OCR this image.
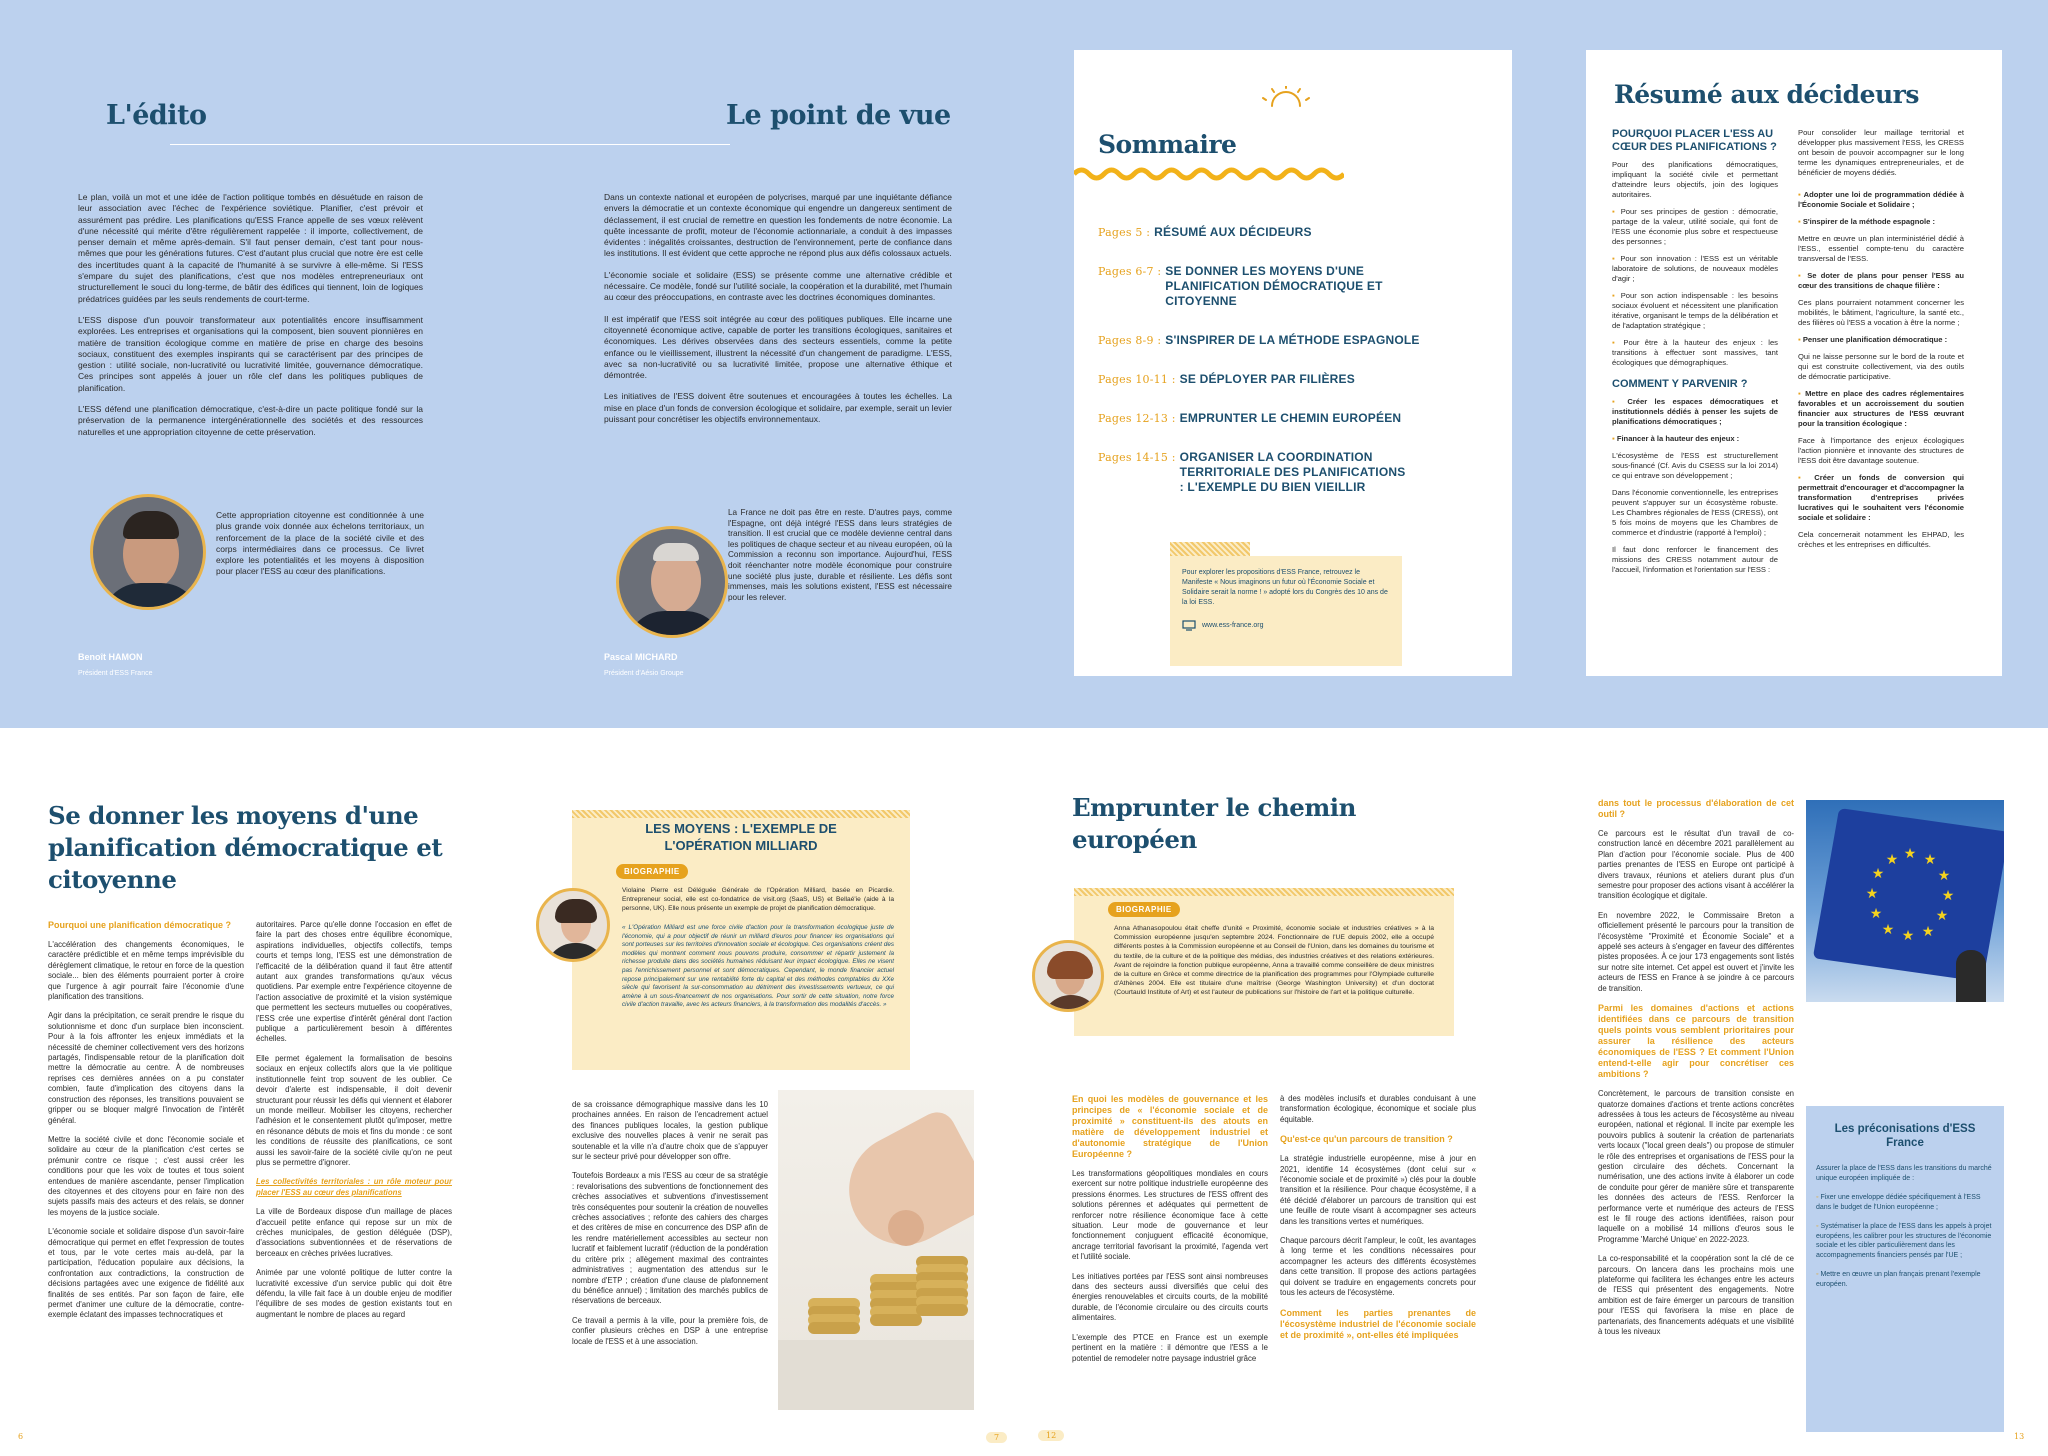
L'édito	Le point de vue

Le plan, voilà un mot et une idée de l'action politique tombés en désuétude en raison de leur association avec l'échec de l'expérience soviétique. Planifier, c'est prévoir et assurément pas prédire. Les planifications qu'ESS France appelle de ses vœux relèvent d'une nécessité qui mérite d'être régulièrement rappelée : il importe, collectivement, de penser demain et même après-demain. S'il faut penser demain, c'est tant pour nous-mêmes que pour les générations futures. C'est d'autant plus crucial que notre ère est celle des incertitudes quant à la capacité de l'humanité à se survivre à elle-même. Si l'ESS s'empare du sujet des planifications, c'est que nos modèles entrepreneuriaux ont structurellement le souci du long-terme, de bâtir des édifices qui tiennent, loin de logiques prédatrices guidées par les seuls rendements de court-terme.

L'ESS dispose d'un pouvoir transformateur aux potentialités encore insuffisamment explorées. Les entreprises et organisations qui la composent, bien souvent pionnières en matière de transition écologique comme en matière de prise en charge des besoins sociaux, constituent des exemples inspirants qui se caractérisent par des principes de gestion : utilité sociale, non-lucrativité ou lucrativité limitée, gouvernance démocratique. Ces principes sont appelés à jouer un rôle clef dans les politiques publiques de planification.

L'ESS défend une planification démocratique, c'est-à-dire un pacte politique fondé sur la préservation de la permanence intergénérationnelle des sociétés et des ressources naturelles et une appropriation citoyenne de cette préservation.

Cette appropriation citoyenne est conditionnée à une plus grande voix donnée aux échelons territoriaux, un renforcement de la place de la société civile et des corps intermédiaires dans ce processus. Ce livret explore les potentialités et les moyens à disposition pour placer l'ESS au cœur des planifications.
Benoît HAMON
Président d'ESS France

Dans un contexte national et européen de polycrises, marqué par une inquiétante défiance envers la démocratie et un contexte économique qui engendre un dangereux sentiment de déclassement, il est crucial de remettre en question les fondements de notre économie. La quête incessante de profit, moteur de l'économie actionnariale, a conduit à des impasses évidentes : inégalités croissantes, destruction de l'environnement, perte de confiance dans les institutions. Il est évident que cette approche ne répond plus aux défis colossaux actuels.

L'économie sociale et solidaire (ESS) se présente comme une alternative crédible et nécessaire. Ce modèle, fondé sur l'utilité sociale, la coopération et la durabilité, met l'humain au cœur des préoccupations, en contraste avec les doctrines économiques dominantes.

Il est impératif que l'ESS soit intégrée au cœur des politiques publiques. Elle incarne une citoyenneté économique active, capable de porter les transitions écologiques, sanitaires et économiques. Les dérives observées dans des secteurs essentiels, comme la petite enfance ou le vieillissement, illustrent la nécessité d'un changement de paradigme. L'ESS, avec sa non-lucrativité ou sa lucrativité limitée, propose une alternative éthique et démontrée.

Les initiatives de l'ESS doivent être soutenues et encouragées à toutes les échelles. La mise en place d'un fonds de conversion écologique et solidaire, par exemple, serait un levier puissant pour concrétiser les objectifs environnementaux.

La France ne doit pas être en reste. D'autres pays, comme l'Espagne, ont déjà intégré l'ESS dans leurs stratégies de transition. Il est crucial que ce modèle devienne central dans les politiques de chaque secteur et au niveau européen, où la Commission a reconnu son importance. Aujourd'hui, l'ESS doit réenchanter notre modèle économique pour construire une société plus juste, durable et résiliente. Les défis sont immenses, mais les solutions existent, l'ESS est nécessaire pour les relever.
Pascal MICHARD
Président d'Aésio Groupe
Sommaire
Pages 5 : RÉSUMÉ AUX DÉCIDEURS
Pages 6-7 : SE DONNER LES MOYENS D'UNE PLANIFICATION DÉMOCRATIQUE ET CITOYENNE
Pages 8-9 : S'INSPIRER DE LA MÉTHODE ESPAGNOLE
Pages 10-11 : SE DÉPLOYER PAR FILIÈRES
Pages 12-13 : EMPRUNTER LE CHEMIN EUROPÉEN
Pages 14-15 : ORGANISER LA COORDINATION TERRITORIALE DES PLANIFICATIONS : L'EXEMPLE DU BIEN VIEILLIR
Pour explorer les propositions d'ESS France, retrouvez le Manifeste « Nous imaginons un futur où l'Économie Sociale et Solidaire serait la norme ! » adopté lors du Congrès des 10 ans de la loi ESS.
www.ess-france.org
Résumé aux décideurs
POURQUOI PLACER L'ESS AU CŒUR DES PLANIFICATIONS ?

Pour des planifications démocratiques, impliquant la société civile et permettant d'atteindre leurs objectifs, join des logiques autoritaires.

▪ Pour ses principes de gestion : démocratie, partage de la valeur, utilité sociale, qui font de l'ESS une économie plus sobre et respectueuse des personnes ;

▪ Pour son innovation : l'ESS est un véritable laboratoire de solutions, de nouveaux modèles d'agir ;

▪ Pour son action indispensable : les besoins sociaux évoluent et nécessitent une planification itérative, organisant le temps de la délibération et de l'adaptation stratégique ;

▪ Pour être à la hauteur des enjeux : les transitions à effectuer sont massives, tant écologiques que démographiques.

COMMENT Y PARVENIR ?

▪ Créer les espaces démocratiques et institutionnels dédiés à penser les sujets de planifications démocratiques ;

▪ Financer à la hauteur des enjeux :

L'écosystème de l'ESS est structurellement sous-financé (Cf. Avis du CSESS sur la loi 2014) ce qui entrave son développement ;

Dans l'économie conventionnelle, les entreprises peuvent s'appuyer sur un écosystème robuste. Les Chambres régionales de l'ESS (CRESS), ont 5 fois moins de moyens que les Chambres de commerce et d'industrie (rapporté à l'emploi) ;

Il faut donc renforcer le financement des missions des CRESS notamment autour de l'accueil, l'information et l'orientation sur l'ESS :

Pour consolider leur maillage territorial et développer plus massivement l'ESS, les CRESS ont besoin de pouvoir accompagner sur le long terme les dynamiques entrepreneuriales, et de bénéficier de moyens dédiés.

▪ Adopter une loi de programmation dédiée à l'Économie Sociale et Solidaire ;

▪ S'inspirer de la méthode espagnole :

Mettre en œuvre un plan interministériel dédié à l'ESS., essentiel compte-tenu du caractère transversal de l'ESS.

▪ Se doter de plans pour penser l'ESS au cœur des transitions de chaque filière :

Ces plans pourraient notamment concerner les mobilités, le bâtiment, l'agriculture, la santé etc., des filières où l'ESS a vocation à être la norme ;

▪ Penser une planification démocratique :

Qui ne laisse personne sur le bord de la route et qui est construite collectivement, via des outils de démocratie participative.

▪ Mettre en place des cadres réglementaires favorables et un accroissement du soutien financier aux structures de l'ESS œuvrant pour la transition écologique :

Face à l'importance des enjeux écologiques l'action pionnière et innovante des structures de l'ESS doit être davantage soutenue.

▪ Créer un fonds de conversion qui permettrait d'encourager et d'accompagner la transformation d'entreprises privées lucratives qui le souhaitent vers l'économie sociale et solidaire :

Cela concernerait notamment les EHPAD, les crèches et les entreprises en difficultés.

Se donner les moyens d'une planification démocratique et citoyenne

Pourquoi une planification démocratique ?

L'accélération des changements économiques, le caractère prédictible et en même temps imprévisible du dérèglement climatique, le retour en force de la question sociale... bien des éléments pourraient porter à croire que l'urgence à agir pourrait faire l'économie d'une planification des transitions.

Agir dans la précipitation, ce serait prendre le risque du solutionnisme et donc d'un surplace bien inconscient. Pour à la fois affronter les enjeux immédiats et la nécessité de cheminer collectivement vers des horizons partagés, l'indispensable retour de la planification doit mettre la démocratie au centre. À de nombreuses reprises ces dernières années on a pu constater combien, faute d'implication des citoyens dans la construction des réponses, les transitions pouvaient se gripper ou se bloquer malgré l'invocation de l'intérêt général.

Mettre la société civile et donc l'économie sociale et solidaire au cœur de la planification c'est certes se prémunir contre ce risque ; c'est aussi créer les conditions pour que les voix de toutes et tous soient entendues de manière ascendante, penser l'implication des citoyennes et des citoyens pour en faire non des sujets passifs mais des acteurs et des relais, se donner les moyens de la justice sociale.

L'économie sociale et solidaire dispose d'un savoir-faire démocratique qui permet en effet l'expression de toutes et tous, par le vote certes mais au-delà, par la participation, l'éducation populaire aux décisions, la confrontation aux contradictions, la construction de décisions partagées avec une exigence de fidélité aux finalités de ses entités. Par son façon de faire, elle permet d'animer une culture de la démocratie, contre-exemple éclatant des impasses technocratiques et

autoritaires. Parce qu'elle donne l'occasion en effet de faire la part des choses entre équilibre économique, aspirations individuelles, objectifs collectifs, temps courts et temps long, l'ESS est une démonstration de l'efficacité de la délibération quand il faut être attentif autant aux grandes transformations qu'aux vécus quotidiens. Par exemple entre l'expérience citoyenne de l'action associative de proximité et la vision systémique que permettent les secteurs mutuelles ou coopératives, l'ESS crée une expertise d'intérêt général dont l'action publique a particulièrement besoin à différentes échelles.

Elle permet également la formalisation de besoins sociaux en enjeux collectifs alors que la vie politique institutionnelle feint trop souvent de les oublier. Ce devoir d'alerte est indispensable, il doit devenir structurant pour réussir les défis qui viennent et élaborer un monde meilleur. Mobiliser les citoyens, rechercher l'adhésion et le consentement plutôt qu'imposer, mettre en résonance débuts de mois et fins du monde : ce sont les conditions de réussite des planifications, ce sont aussi les savoir-faire de la société civile qu'on ne peut plus se permettre d'ignorer.

Les collectivités territoriales : un rôle moteur pour placer l'ESS au cœur des planifications

La ville de Bordeaux dispose d'un maillage de places d'accueil petite enfance qui repose sur un mix de crèches municipales, de gestion déléguée (DSP), d'associations subventionnées et de réservations de berceaux en crèches privées lucratives.

Animée par une volonté politique de lutter contre la lucrativité excessive d'un service public qui doit être défendu, la ville fait face à un double enjeu de modifier l'équilibre de ses modes de gestion existants tout en augmentant le nombre de places au regard

LES MOYENS : L'EXEMPLE DE L'OPÉRATION MILLIARD
BIOGRAPHIE
Violaine Pierre est Déléguée Générale de l'Opération Milliard, basée en Picardie. Entrepreneur social, elle est co-fondatrice de visit.org (SaaS, US) et Bellaé'ie (aide à la personne, UK). Elle nous présente un exemple de projet de planification démocratique.
« L'Opération Milliard est une force civile d'action pour la transformation écologique juste de l'économie, qui a pour objectif de réunir un milliard d'euros pour financer les organisations qui sont porteuses sur les territoires d'innovation sociale et écologique. Ces organisations créent des modèles qui montrent comment nous pouvons produire, consommer et répartir justement la richesse produite dans des sociétés humaines réduisant leur impact écologique. Elles ne visent pas l'enrichissement personnel et sont démocratiques. Cependant, le monde financier actuel repose principalement sur une rentabilité forte du capital et des méthodes comptables du XXe siècle qui favorisent la sur-consommation au détriment des investissements vertueux, ce qui amène à un sous-financement de nos organisations. Pour sortir de cette situation, notre force civile d'action travaille, avec les acteurs financiers, à la transformation des modalités d'accès. »

de sa croissance démographique massive dans les 10 prochaines années. En raison de l'encadrement actuel des finances publiques locales, la gestion publique exclusive des nouvelles places à venir ne serait pas soutenable et la ville n'a d'autre choix que de s'appuyer sur le secteur privé pour développer son offre.

Toutefois Bordeaux a mis l'ESS au cœur de sa stratégie : revalorisations des subventions de fonctionnement des crèches associatives et subventions d'investissement très conséquentes pour soutenir la création de nouvelles crèches associatives ; refonte des cahiers des charges et des critères de mise en concurrence des DSP afin de les rendre matériellement accessibles au secteur non lucratif et faiblement lucratif (réduction de la pondération du critère prix ; allègement maximal des contraintes administratives ; augmentation des attendus sur le nombre d'ETP ; création d'une clause de plafonnement du bénéfice annuel) ; limitation des marchés publics de réservations de berceaux.

Ce travail a permis à la ville, pour la première fois, de confier plusieurs crèches en DSP à une entreprise locale de l'ESS et à une association.

6	7
Emprunter le chemin européen
BIOGRAPHIE
Anna Athanasopoulou était cheffe d'unité « Proximité, économie sociale et industries créatives » à la Commission européenne jusqu'en septembre 2024. Fonctionnaire de l'UE depuis 2002, elle a occupé différents postes à la Commission européenne et au Conseil de l'Union, dans les domaines du tourisme et du textile, de la culture et de la politique des médias, des industries créatives et des relations extérieures. Avant de rejoindre la fonction publique européenne, Anna a travaillé comme conseillère de deux ministres de la culture en Grèce et comme directrice de la planification des programmes pour l'Olympiade culturelle d'Athènes 2004. Elle est titulaire d'une maîtrise (George Washington University) et d'un doctorat (Courtauld Institute of Art) et est l'auteur de publications sur l'histoire de l'art et la politique culturelle.

En quoi les modèles de gouvernance et les principes de « l'économie sociale et de proximité » constituent-ils des atouts en matière de développement industriel et d'autonomie stratégique de l'Union Européenne ?

Les transformations géopolitiques mondiales en cours exercent sur notre politique industrielle européenne des pressions énormes. Les structures de l'ESS offrent des solutions pérennes et adéquates qui permettent de renforcer notre résilience économique face à cette situation. Leur mode de gouvernance et leur fonctionnement conjuguent efficacité économique, ancrage territorial favorisant la proximité, l'agenda vert et l'utilité sociale.

Les initiatives portées par l'ESS sont ainsi nombreuses dans des secteurs aussi diversifiés que celui des énergies renouvelables et circuits courts, de la mobilité durable, de l'économie circulaire ou des circuits courts alimentaires.

L'exemple des PTCE en France est un exemple pertinent en la matière : il démontre que l'ESS a le potentiel de remodeler notre paysage industriel grâce

à des modèles inclusifs et durables conduisant à une transformation écologique, économique et sociale plus équitable.

Qu'est-ce qu'un parcours de transition ?

La stratégie industrielle européenne, mise à jour en 2021, identifie 14 écosystèmes (dont celui sur « l'économie sociale et de proximité ») clés pour la double transition et la résilience. Pour chaque écosystème, il a été décidé d'élaborer un parcours de transition qui est une feuille de route visant à accompagner ses acteurs dans les transitions vertes et numériques.

Chaque parcours décrit l'ampleur, le coût, les avantages à long terme et les conditions nécessaires pour accompagner les acteurs des différents écosystèmes dans cette transition. Il propose des actions partagées qui doivent se traduire en engagements concrets pour tous les acteurs de l'écosystème.

Comment les parties prenantes de l'écosystème industriel de l'économie sociale et de proximité », ont-elles été impliquées

dans tout le processus d'élaboration de cet outil ?

Ce parcours est le résultat d'un travail de co-construction lancé en décembre 2021 parallèlement au Plan d'action pour l'économie sociale. Plus de 400 parties prenantes de l'ESS en Europe ont participé à divers travaux, réunions et ateliers durant plus d'un semestre pour proposer des actions visant à accélérer la transition écologique et digitale.

En novembre 2022, le Commissaire Breton a officiellement présenté le parcours pour la transition de l'écosystème "Proximité et Économie Sociale" et a appelé ses acteurs à s'engager en faveur des différentes pistes proposées. À ce jour 173 engagements sont listés sur notre site internet. Cet appel est ouvert et j'invite les acteurs de l'ESS en France à se joindre à ce parcours de transition.

Parmi les domaines d'actions et actions identifiées dans ce parcours de transition quels points vous semblent prioritaires pour assurer la résilience des acteurs économiques de l'ESS ? Et comment l'Union entend-t-elle agir pour concrétiser ces ambitions ?

Concrètement, le parcours de transition consiste en quatorze domaines d'actions et trente actions concrètes adressées à tous les acteurs de l'écosystème au niveau européen, national et régional. Il incite par exemple les pouvoirs publics à soutenir la création de partenariats verts locaux ("local green deals") ou propose de stimuler le rôle des entreprises et organisations de l'ESS pour la gestion circulaire des déchets. Concernant la numérisation, une des actions invite à élaborer un code de conduite pour gérer de manière sûre et transparente les données des acteurs de l'ESS. Renforcer la performance verte et numérique des acteurs de l'ESS est le fil rouge des actions identifiées, raison pour laquelle on a mobilisé 14 millions d'euros sous le Programme 'Marché Unique' en 2022-2023.

La co-responsabilité et la coopération sont la clé de ce parcours. On lancera dans les prochains mois une plateforme qui facilitera les échanges entre les acteurs de l'ESS qui présentent des engagements. Notre ambition est de faire émerger un parcours de transition pour l'ESS qui favorisera la mise en place de partenariats, des financements adéquats et une visibilité à tous les niveaux

★ ★
★
★
★
★
★
★
★
★
★
★
Les préconisations d'ESS France

Assurer la place de l'ESS dans les transitions du marché unique européen impliquée de :

◦ Fixer une enveloppe dédiée spécifiquement à l'ESS dans le budget de l'Union européenne ;

◦ Systématiser la place de l'ESS dans les appels à projet européens, les calibrer pour les structures de l'économie sociale et les cibler particulièrement dans les accompagnements financiers pensés par l'UE ;

◦ Mettre en œuvre un plan français prenant l'exemple européen.

12	13
